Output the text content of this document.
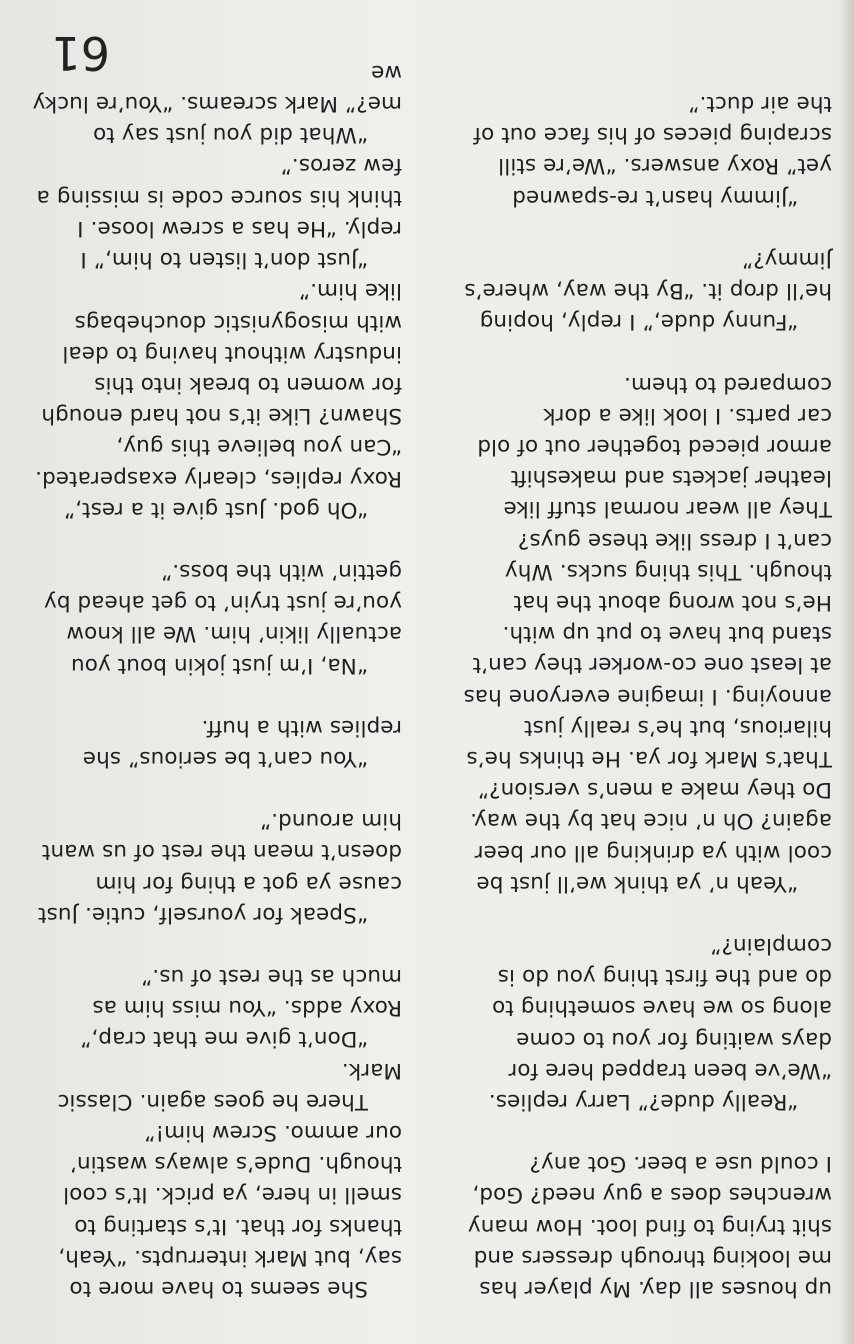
up houses all day. My player has me looking through dressers and shit trying to find loot. How many wrenches does a guy need? God, I could use a beer. Got any?

“Really dude?” Larry replies. “We’ve been trapped here for days waiting for you to come along so we have something to do and the first thing you do is complain?”

“Yeah n’ ya think we’ll just be cool with ya drinking all our beer again? Oh n’ nice hat by the way. Do they make a men’s version?” That’s Mark for ya. He thinks he’s hilarious, but he’s really just annoying. I imagine everyone has at least one co-worker they can’t stand but have to put up with. He’s not wrong about the hat though. This thing sucks. Why can’t I dress like these guys? They all wear normal stuff like leather jackets and makeshift armor pieced together out of old car parts. I look like a dork compared to them.

“Funny dude,” I reply, hoping he’ll drop it. “By the way, where’s Jimmy?”

“Jimmy hasn’t re-spawned yet” Roxy answers. “We’re still scraping pieces of his face out of the air duct.”

She seems to have more to say, but Mark interrupts. “Yeah, thanks for that. It’s starting to smell in here, ya prick. It’s cool though. Dude’s always wastin’ our ammo. Screw him!”

There he goes again. Classic Mark.

“Don’t give me that crap,” Roxy adds. “You miss him as much as the rest of us.”

“Speak for yourself, cutie. Just cause ya got a thing for him doesn’t mean the rest of us want him around.”

“You can’t be serious” she replies with a huff.

“Na, I’m just jokin bout you actually likin’ him. We all know you’re just tryin’ to get ahead by gettin’ with the boss.”

“Oh god. Just give it a rest,” Roxy replies, clearly exasperated. “Can you believe this guy, Shawn? Like it’s not hard enough for women to break into this industry without having to deal with misogynistic douchebags like him.”

“Just don’t listen to him,” I reply. “He has a screw loose. I think his source code is missing a few zeros.”

“What did you just say to me?” Mark screams. “You’re lucky we

61
